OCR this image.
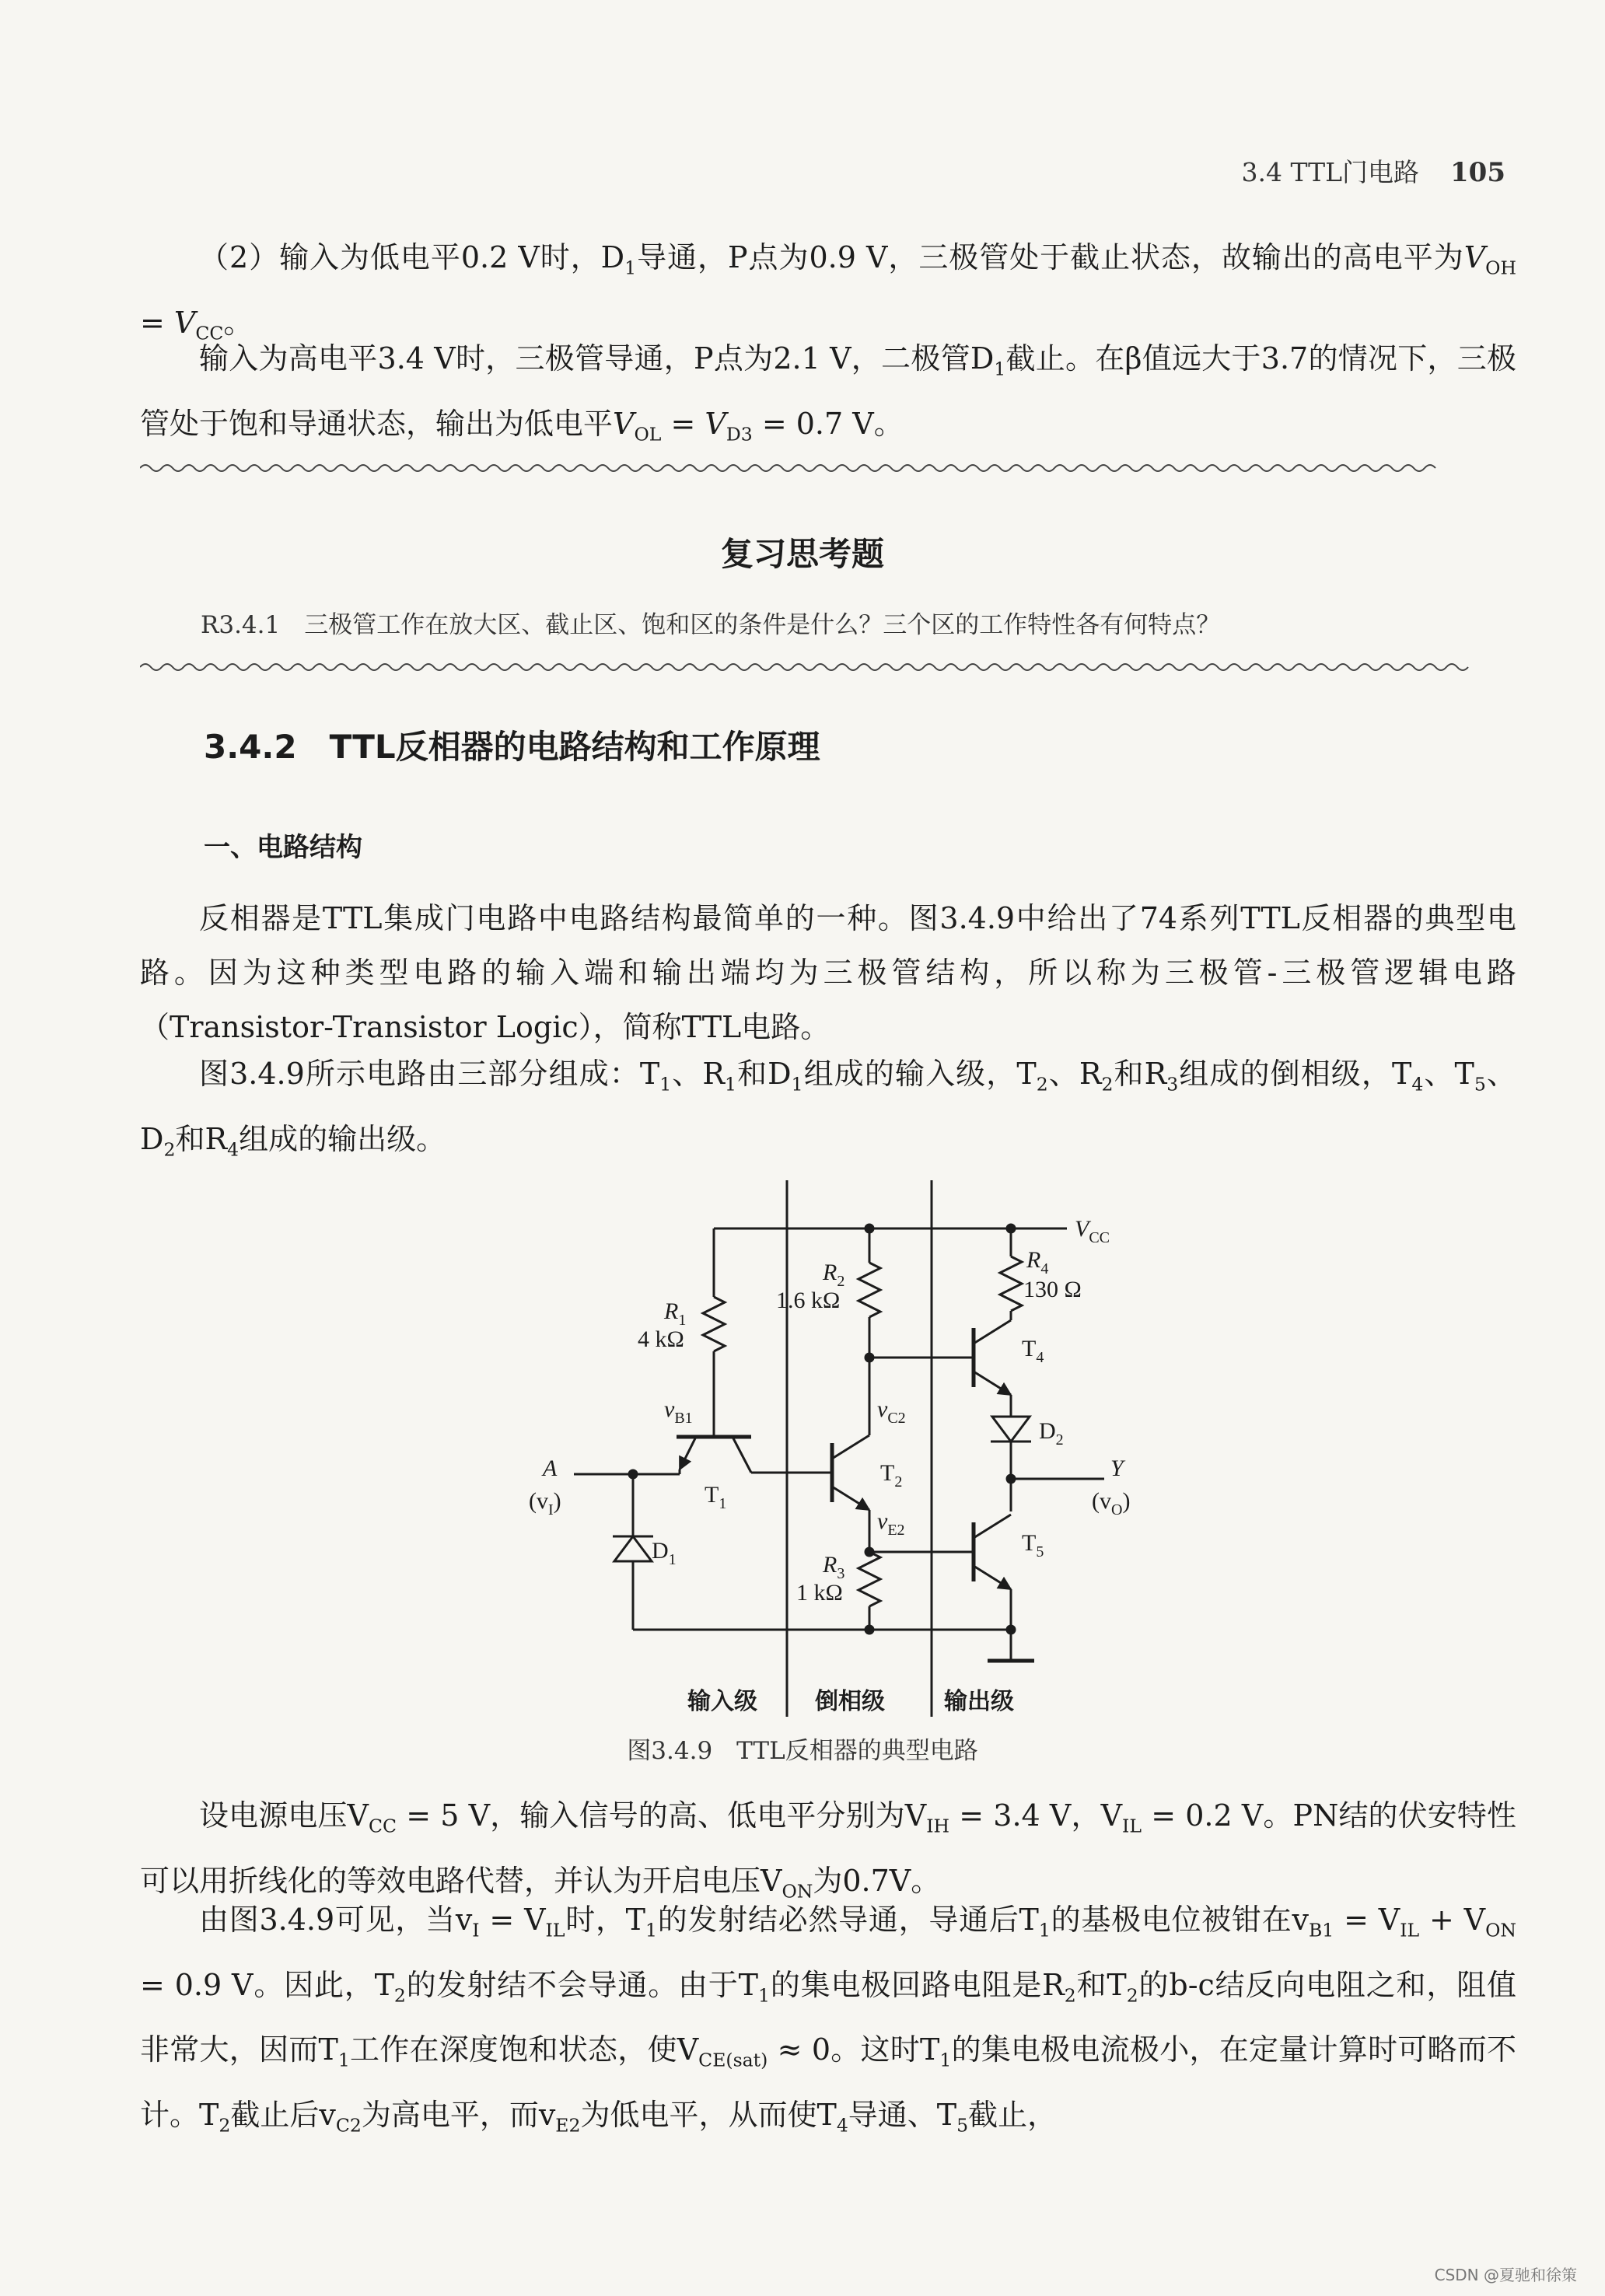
3.4 TTL门电路 105

（2）输入为低电平0.2 V时，$D_1$导通，P点为0.9 V，三极管处于截止状态，故输出的高电平为$V_{OH} = V_{CC}$。

输入为高电平3.4 V时，三极管导通，P点为2.1 V，二极管$D_1$截止。在β值远大于3.7的情况下，三极管处于饱和导通状态，输出为低电平$V_{OL} = V_{D3} = 0.7$ V。

复习思考题
R3.4.1　三极管工作在放大区、截止区、饱和区的条件是什么？三个区的工作特性各有何特点？
3.4.2　TTL反相器的电路结构和工作原理
一、电路结构

反相器是TTL集成门电路中电路结构最简单的一种。图3.4.9中给出了74系列TTL反相器的典型电路。因为这种类型电路的输入端和输出端均为三极管结构，所以称为三极管-三极管逻辑电路（Transistor-Transistor Logic），简称TTL电路。

图3.4.9所示电路由三部分组成：$T_1$、$R_1$和$D_1$组成的输入级，$T_2$、$R_2$和$R_3$组成的倒相级，$T_4$、$T_5$、$D_2$和$R_4$组成的输出级。

$V_{CC}$
$R_1$
4 kΩ
$R_2$
1.6 kΩ
$R_3$
1 kΩ
$R_4$
130 Ω
$v_{B1}$	$v_{C2}$
$v_{E2}$
$T_1$
$T_2$
$T_4$
$T_5$
$D_1$
$D_2$
A
$(v_I)$
Y
$(v_O)$
输入级 倒相级	输出级
图3.4.9　TTL反相器的典型电路

设电源电压$V_{CC} = 5$ V，输入信号的高、低电平分别为$V_{IH} = 3.4$ V，$V_{IL} = 0.2$ V。PN结的伏安特性可以用折线化的等效电路代替，并认为开启电压$V_{ON}$为0.7V。

由图3.4.9可见，当$v_I = V_{IL}$时，$T_1$的发射结必然导通，导通后$T_1$的基极电位被钳在$v_{B1} = V_{IL} + V_{ON} = 0.9$ V。因此，$T_2$的发射结不会导通。由于$T_1$的集电极回路电阻是$R_2$和$T_2$的b-c结反向电阻之和，阻值非常大，因而$T_1$工作在深度饱和状态，使$V_{CE(sat)} \approx 0$。这时$T_1$的集电极电流极小，在定量计算时可略而不计。$T_2$截止后$v_{C2}$为高电平，而$v_{E2}$为低电平，从而使$T_4$导通、$T_5$截止，

CSDN @夏驰和徐策
